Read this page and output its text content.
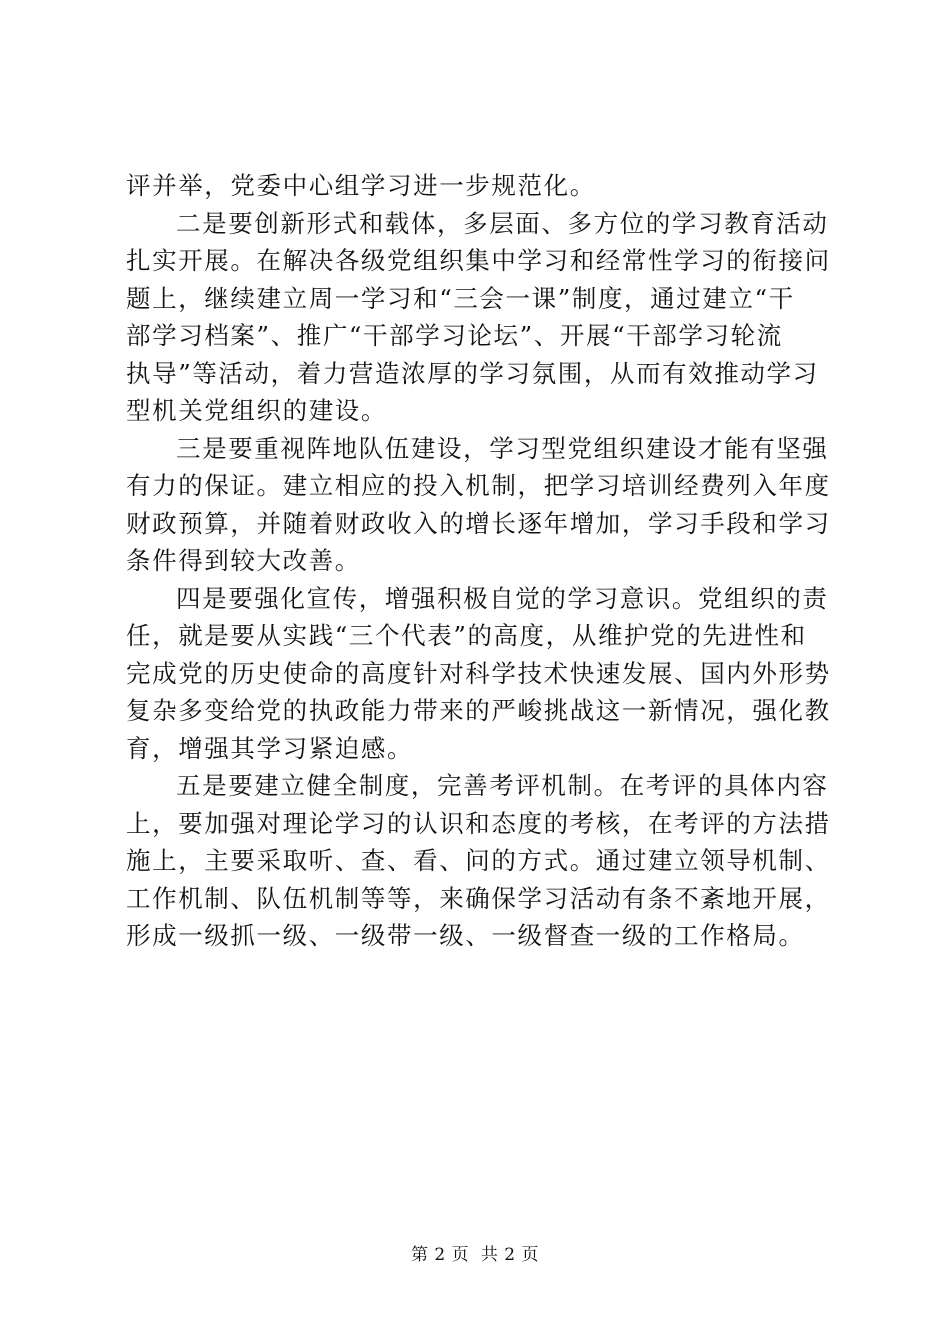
评并举，党委中心组学习进一步规范化。
二是要创新形式和载体，多层面、多方位的学习教育活动
扎实开展。在解决各级党组织集中学习和经常性学习的衔接问
题上，继续建立周一学习和“三会一课”制度，通过建立“干
部学习档案”、推广“干部学习论坛”、开展“干部学习轮流
执导”等活动，着力营造浓厚的学习氛围，从而有效推动学习
型机关党组织的建设。
三是要重视阵地队伍建设，学习型党组织建设才能有坚强
有力的保证。建立相应的投入机制，把学习培训经费列入年度
财政预算，并随着财政收入的增长逐年增加，学习手段和学习
条件得到较大改善。
四是要强化宣传，增强积极自觉的学习意识。党组织的责
任，就是要从实践“三个代表”的高度，从维护党的先进性和
完成党的历史使命的高度针对科学技术快速发展、国内外形势
复杂多变给党的执政能力带来的严峻挑战这一新情况，强化教
育，增强其学习紧迫感。
五是要建立健全制度，完善考评机制。在考评的具体内容
上，要加强对理论学习的认识和态度的考核，在考评的方法措
施上，主要采取听、查、看、问的方式。通过建立领导机制、
工作机制、队伍机制等等，来确保学习活动有条不紊地开展，
形成一级抓一级、一级带一级、一级督查一级的工作格局。
第 2 页  共 2 页
